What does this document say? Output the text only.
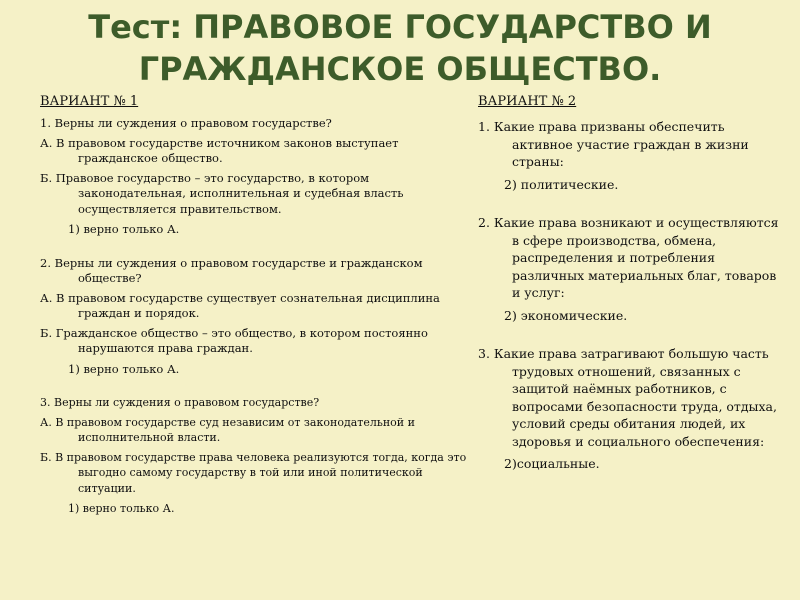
Тест: ПРАВОВОЕ ГОСУДАРСТВО И ГРАЖДАНСКОЕ ОБЩЕСТВО.
ВАРИАНТ № 1

1. Верны ли суждения о правовом государстве?

А. В правовом государстве источником законов выступает гражданское общество.

Б. Правовое государство – это государство, в котором законодательная, исполнительная и судебная власть осуществляется правительством.

1) верно только А.

2. Верны ли суждения о правовом государстве и гражданском обществе?

А. В правовом государстве существует сознательная дисциплина граждан и порядок.

Б. Гражданское общество – это общество, в котором постоянно нарушаются права граждан.

1) верно только А.

3. Верны ли суждения о правовом государстве?

А. В правовом государстве суд независим от законодательной и исполнительной власти.

Б. В правовом государстве права человека реализуются тогда, когда это выгодно самому государству в той или иной политической ситуации.

1) верно только А.

ВАРИАНТ № 2

1. Какие права призваны обеспечить активное участие граждан в жизни страны:

2) политические.

2. Какие права возникают и осуществляются в сфере производства, обмена, распределения и потребления различных материальных благ, товаров и услуг:

2) экономические.

3. Какие права затрагивают большую часть трудовых отношений, связанных с защитой наёмных работников, с вопросами безопасности труда, отдыха, условий среды обитания людей, их здоровья и социального обеспечения:

2)социальные.
